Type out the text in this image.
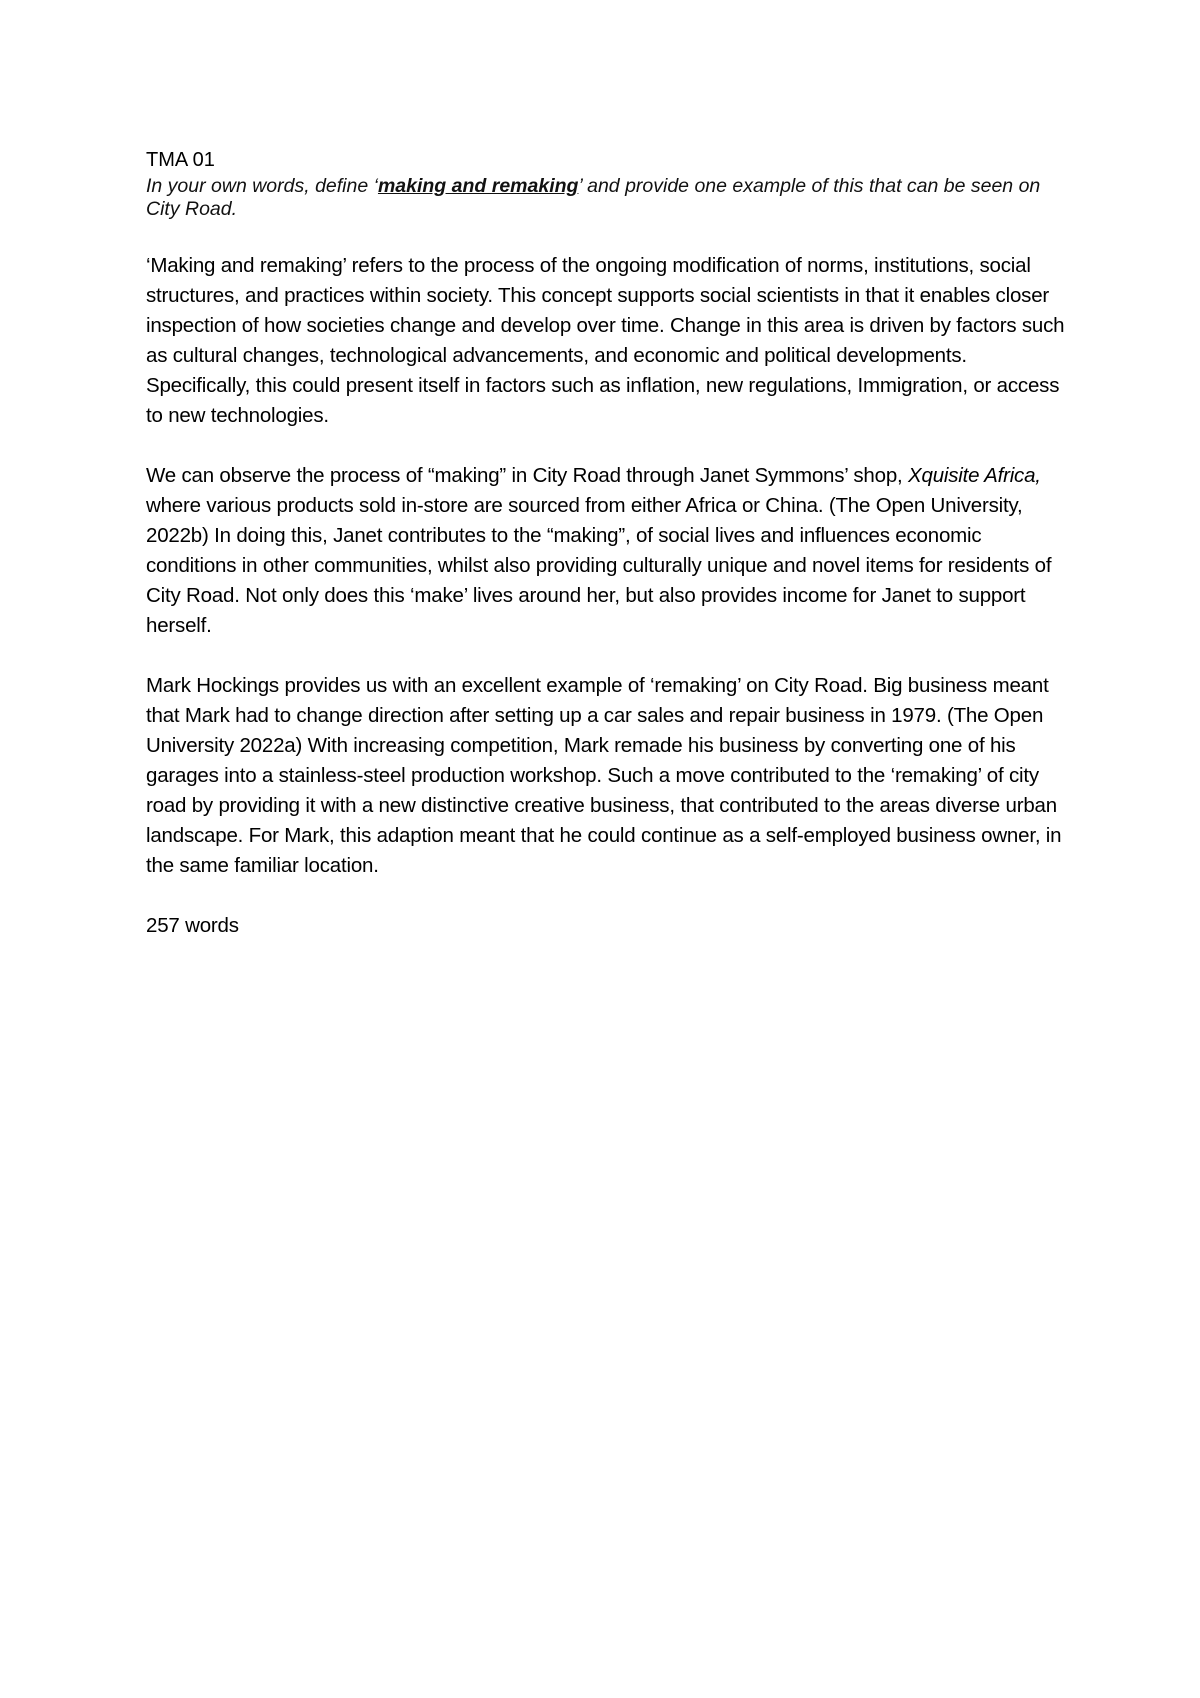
TMA 01

In your own words, define ‘making and remaking’ and provide one example of this that can be seen on City Road.

‘Making and remaking’ refers to the process of the ongoing modification of norms, institutions, social structures, and practices within society. This concept supports social scientists in that it enables closer inspection of how societies change and develop over time. Change in this area is driven by factors such as cultural changes, technological advancements, and economic and political developments. Specifically, this could present itself in factors such as inflation, new regulations, Immigration, or access to new technologies.

We can observe the process of “making” in City Road through Janet Symmons’ shop, Xquisite Africa, where various products sold in-store are sourced from either Africa or China. (The Open University, 2022b) In doing this, Janet contributes to the “making”, of social lives and influences economic conditions in other communities, whilst also providing culturally unique and novel items for residents of City Road. Not only does this ‘make’ lives around her, but also provides income for Janet to support herself.

Mark Hockings provides us with an excellent example of ‘remaking’ on City Road. Big business meant that Mark had to change direction after setting up a car sales and repair business in 1979. (The Open University 2022a) With increasing competition, Mark remade his business by converting one of his garages into a stainless-steel production workshop. Such a move contributed to the ‘remaking’ of city road by providing it with a new distinctive creative business, that contributed to the areas diverse urban landscape. For Mark, this adaption meant that he could continue as a self-employed business owner, in the same familiar location.

257 words
